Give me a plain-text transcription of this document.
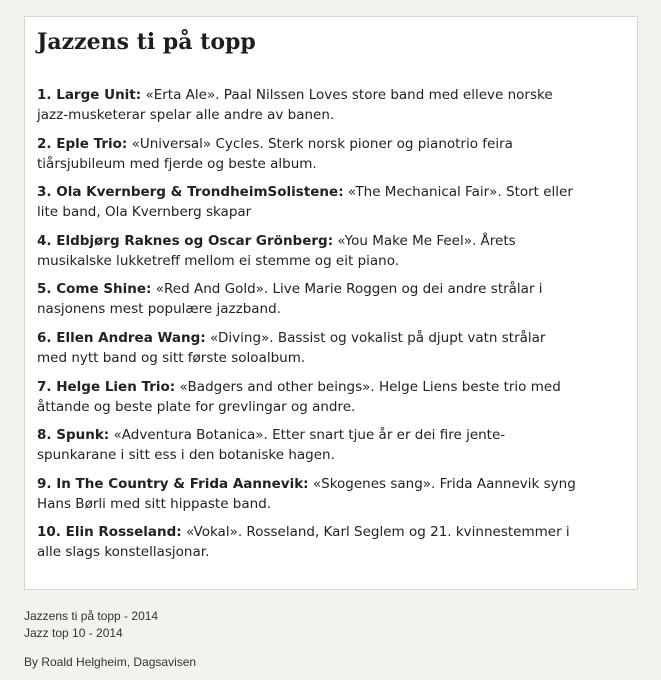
Jazzens ti på topp
1. Large Unit: «Erta Ale». Paal Nilssen Loves store band med elleve norske jazz-musketerar spelar alle andre av banen.
2. Eple Trio: «Universal» Cycles. Sterk norsk pioner og pianotrio feira tiårsjubileum med fjerde og beste album.
3. Ola Kvernberg & TrondheimSolistene: «The Mechanical Fair». Stort eller lite band, Ola Kvernberg skapar
4. Eldbjørg Raknes og Oscar Grönberg: «You Make Me Feel». Årets musikalske lukketreff mellom ei stemme og eit piano.
5. Come Shine: «Red And Gold». Live Marie Roggen og dei andre strålar i nasjonens mest populære jazzband.
6. Ellen Andrea Wang: «Diving». Bassist og vokalist på djupt vatn strålar med nytt band og sitt første soloalbum.
7. Helge Lien Trio: «Badgers and other beings». Helge Liens beste trio med åttande og beste plate for grevlingar og andre.
8. Spunk: «Adventura Botanica». Etter snart tjue år er dei fire jente-spunkarane i sitt ess i den botaniske hagen.
9. In The Country & Frida Aannevik: «Skogenes sang». Frida Aannevik syng Hans Børli med sitt hippaste band.
10. Elin Rosseland: «Vokal». Rosseland, Karl Seglem og 21. kvinnestemmer i alle slags konstellasjonar.
Jazzens ti på topp - 2014
Jazz top 10 - 2014
By Roald Helgheim, Dagsavisen
